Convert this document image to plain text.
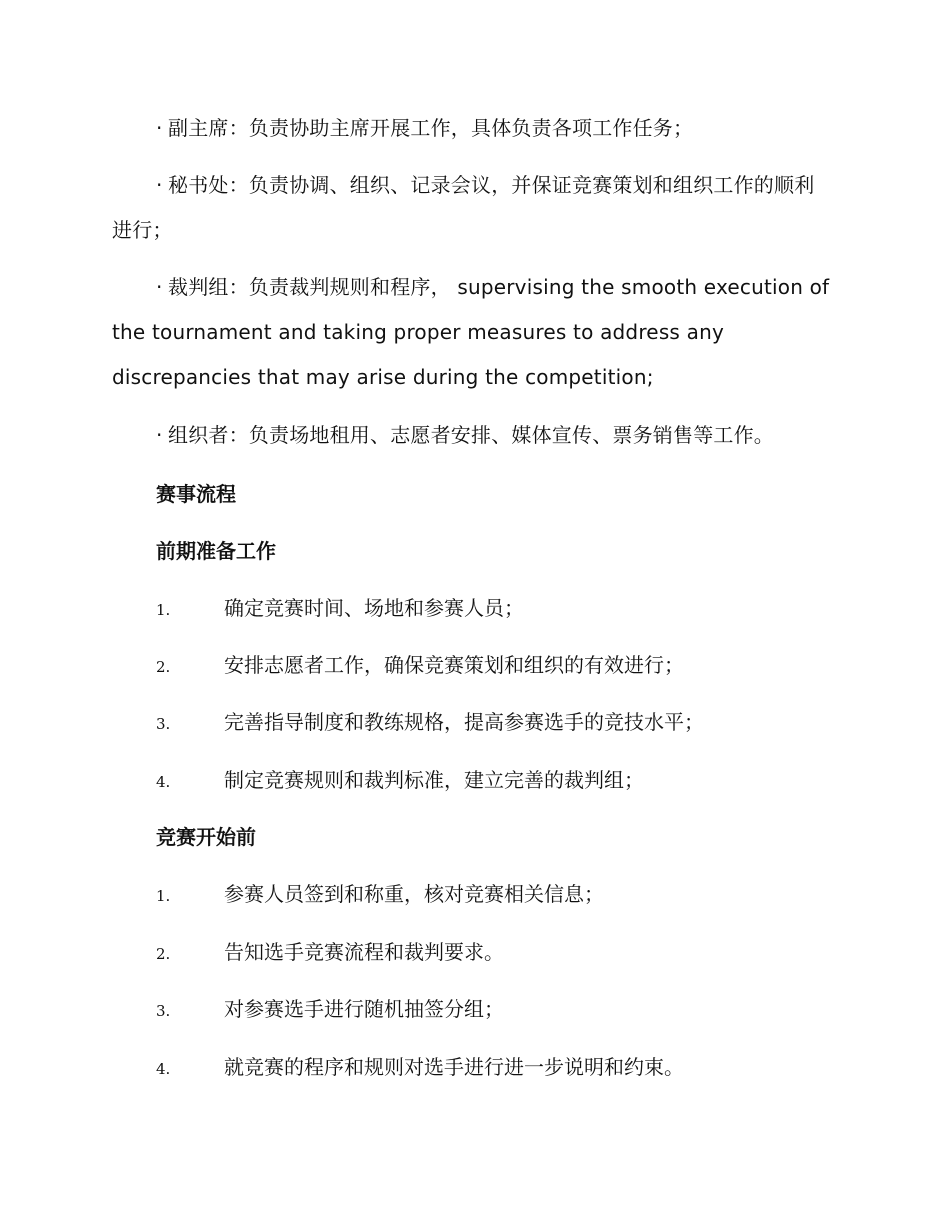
· 副主席：负责协助主席开展工作，具体负责各项工作任务；

· 秘书处：负责协调、组织、记录会议，并保证竞赛策划和组织工作的顺利进行；

· 裁判组：负责裁判规则和程序， supervising the smooth execution of the tournament and taking proper measures to address any discrepancies that may arise during the competition;

· 组织者：负责场地租用、志愿者安排、媒体宣传、票务销售等工作。

赛事流程
前期准备工作
1.	确定竞赛时间、场地和参赛人员；
2.	安排志愿者工作，确保竞赛策划和组织的有效进行；
3.	完善指导制度和教练规格，提高参赛选手的竞技水平；
4.	制定竞赛规则和裁判标准，建立完善的裁判组；
竞赛开始前
1.	参赛人员签到和称重，核对竞赛相关信息；
2.	告知选手竞赛流程和裁判要求。
3.	对参赛选手进行随机抽签分组；
4.	就竞赛的程序和规则对选手进行进一步说明和约束。
